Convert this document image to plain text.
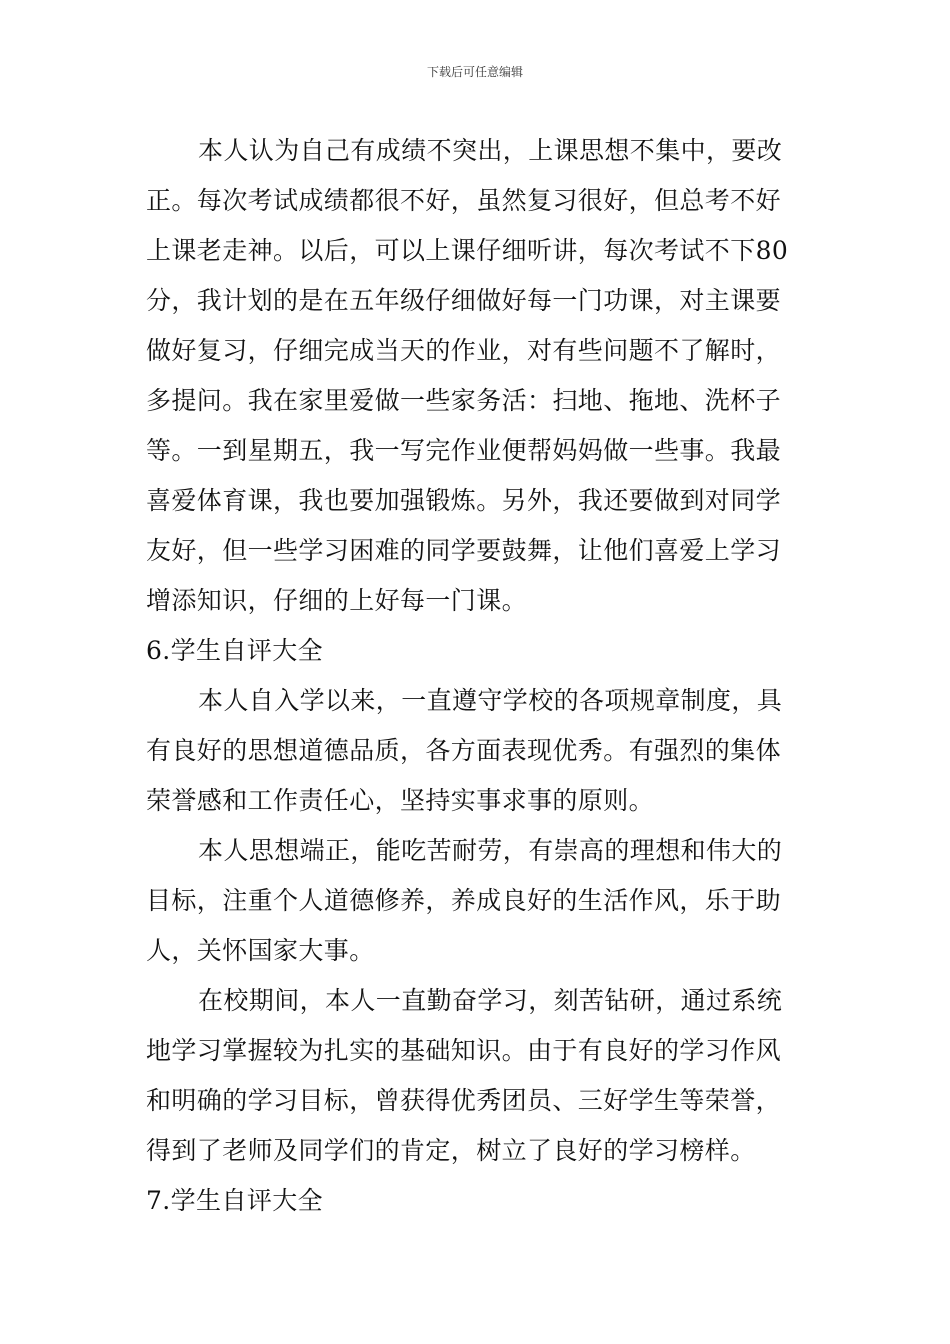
下载后可任意编辑
本人认为自己有成绩不突出，上课思想不集中，要改
正。每次考试成绩都很不好，虽然复习很好，但总考不好
上课老走神。以后，可以上课仔细听讲，每次考试不下80
分，我计划的是在五年级仔细做好每一门功课，对主课要
做好复习，仔细完成当天的作业，对有些问题不了解时，
多提问。我在家里爱做一些家务活：扫地、拖地、洗杯子
等。一到星期五，我一写完作业便帮妈妈做一些事。我最
喜爱体育课，我也要加强锻炼。另外，我还要做到对同学
友好，但一些学习困难的同学要鼓舞，让他们喜爱上学习
增添知识，仔细的上好每一门课。
6.学生自评大全
本人自入学以来，一直遵守学校的各项规章制度，具
有良好的思想道德品质，各方面表现优秀。有强烈的集体
荣誉感和工作责任心，坚持实事求事的原则。
本人思想端正，能吃苦耐劳，有崇高的理想和伟大的
目标，注重个人道德修养，养成良好的生活作风，乐于助
人，关怀国家大事。
在校期间，本人一直勤奋学习，刻苦钻研，通过系统
地学习掌握较为扎实的基础知识。由于有良好的学习作风
和明确的学习目标，曾获得优秀团员、三好学生等荣誉，
得到了老师及同学们的肯定，树立了良好的学习榜样。
7.学生自评大全
